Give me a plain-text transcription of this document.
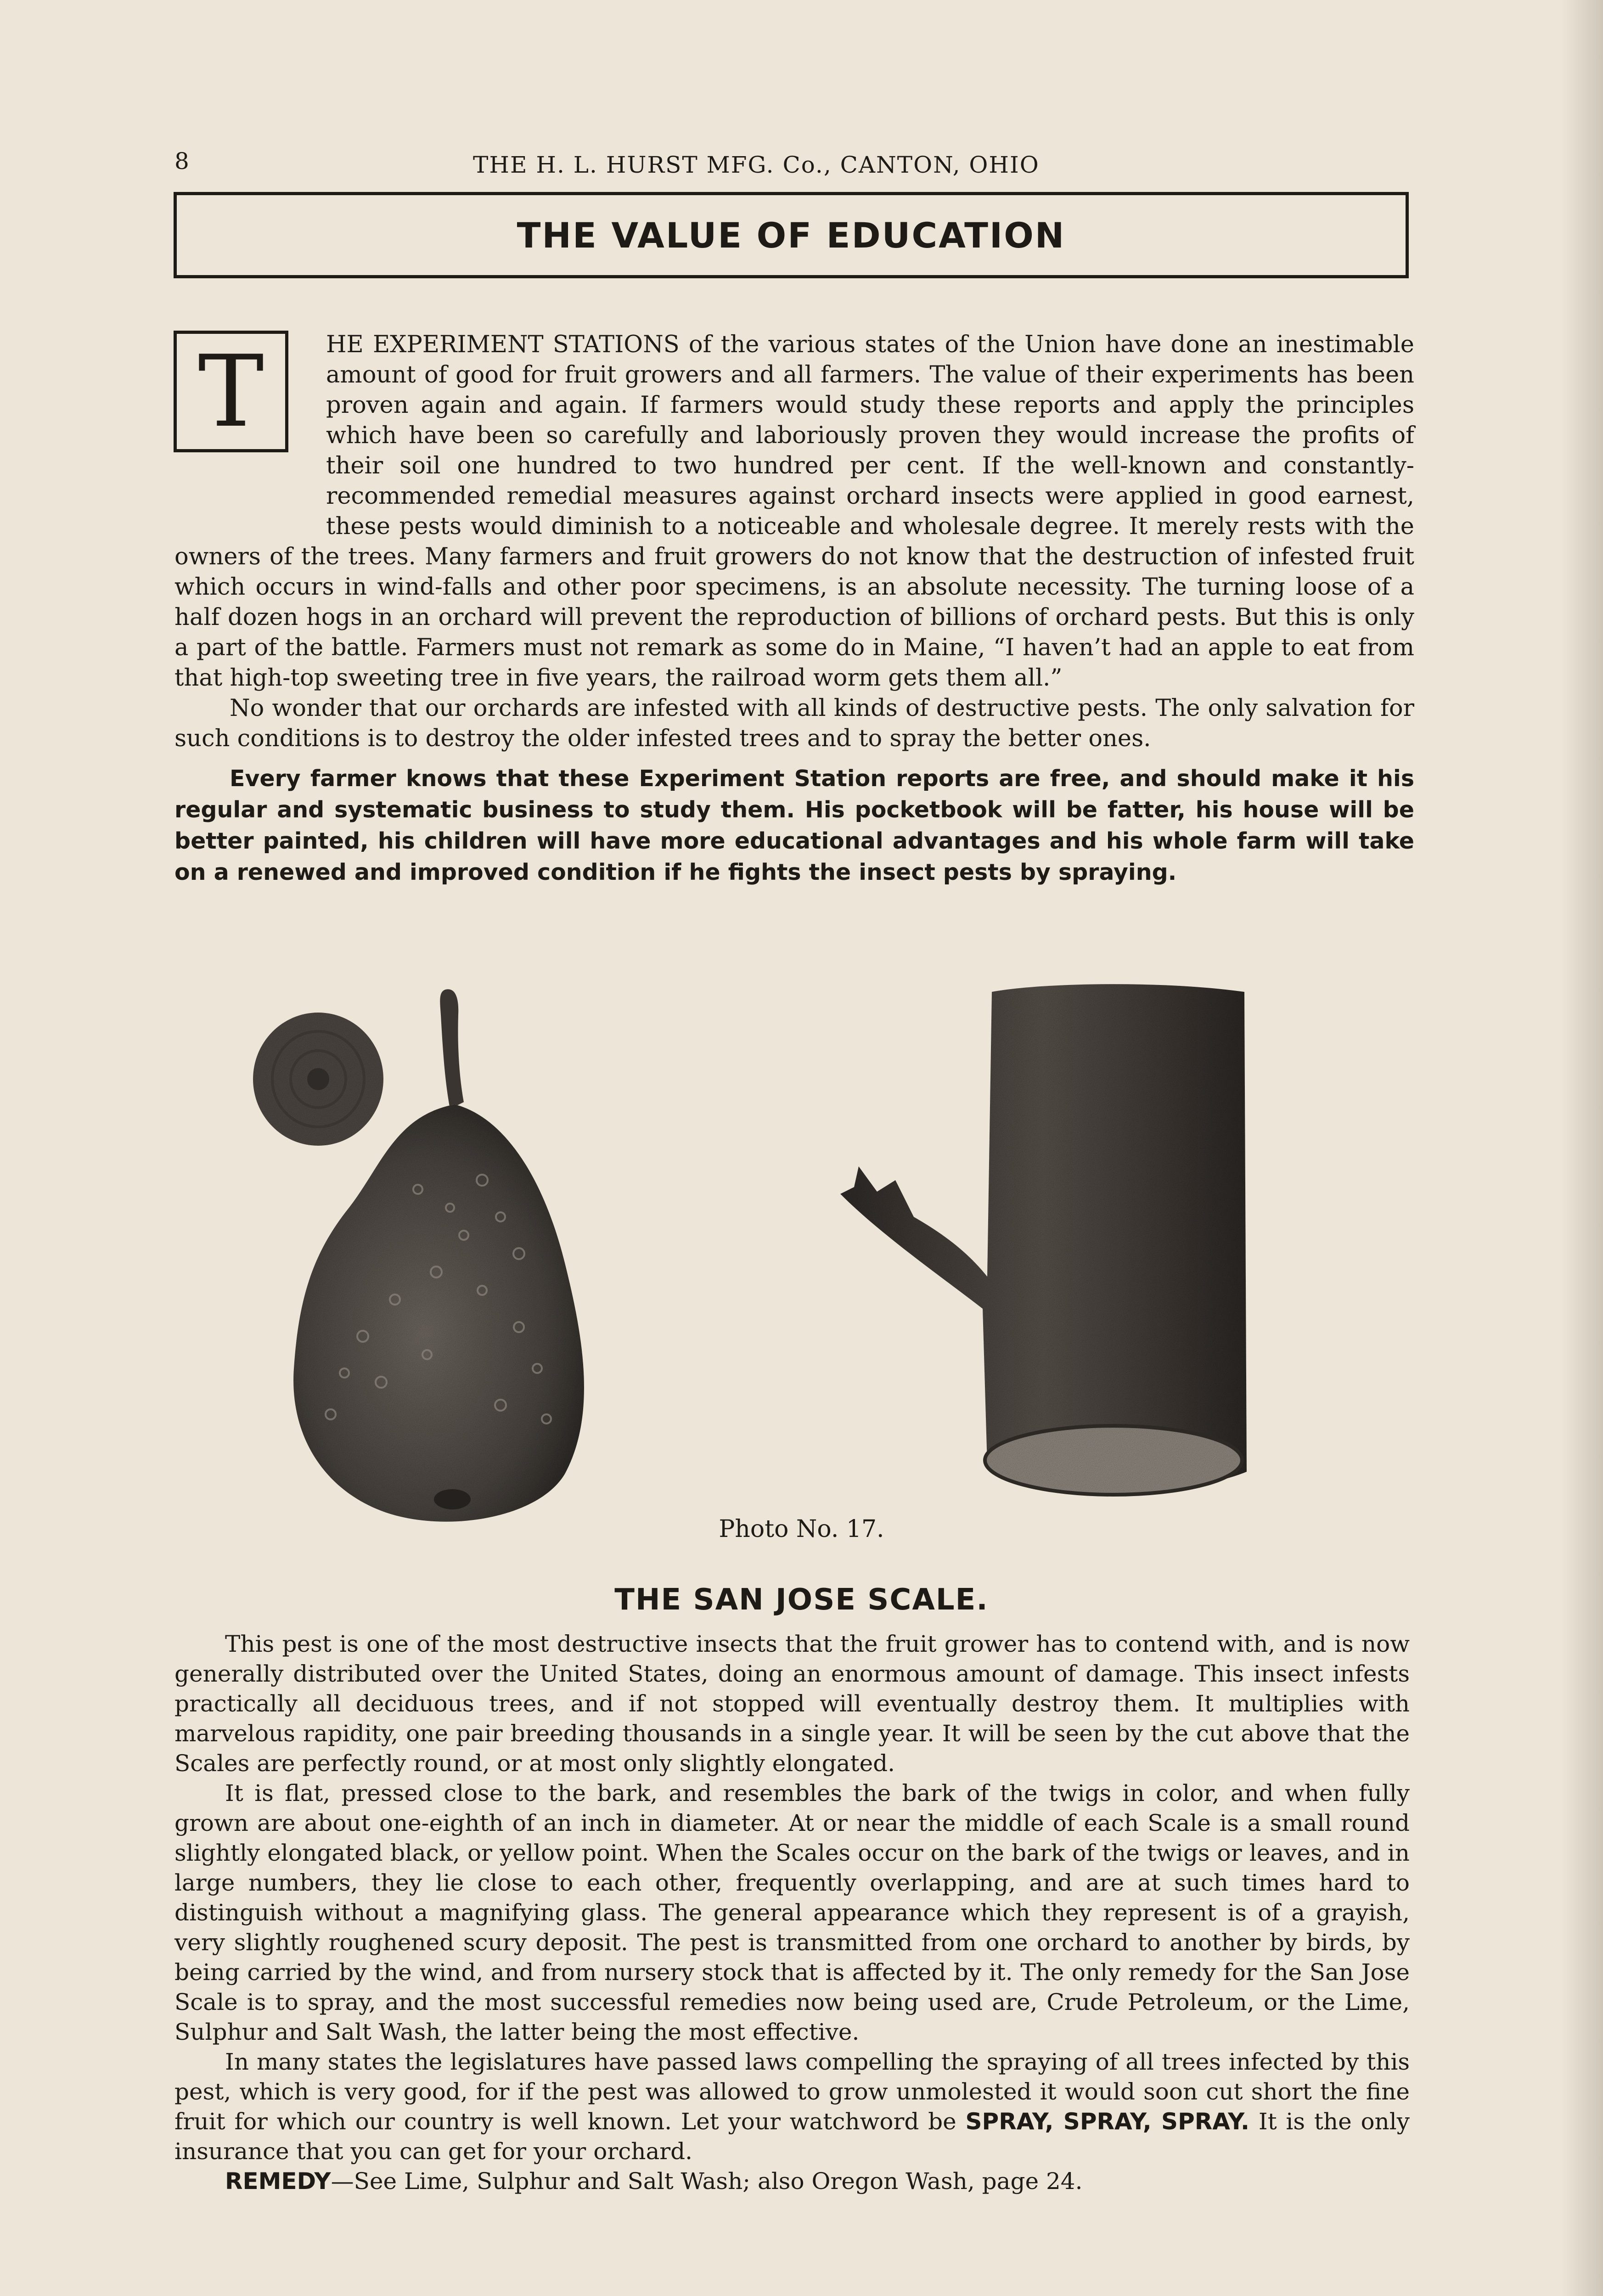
8	THE H. L. HURST MFG. Co., CANTON, OHIO
THE VALUE OF EDUCATION
T	HE EXPERIMENT STATIONS of the various states of the Union have done an inestimable amount of good for fruit growers and all farmers. The value of their experiments has been proven again and again. If farmers would study these reports and apply the principles which have been so carefully and laboriously proven they would increase the profits of their soil one hundred to two hundred per cent. If the well-known and constantly-recommended remedial measures against orchard insects were applied in good earnest, these pests would diminish to a noticeable and wholesale degree. It merely rests with the owners of the trees. Many farmers and fruit growers do not know that the destruction of infested fruit which occurs in wind-falls and other poor specimens, is an absolute necessity. The turning loose of a half dozen hogs in an orchard will prevent the reproduction of billions of orchard pests. But this is only a part of the battle. Farmers must not remark as some do in Maine, “I haven’t had an apple to eat from that high-top sweeting tree in five years, the railroad worm gets them all.”

No wonder that our orchards are infested with all kinds of destructive pests. The only salvation for such conditions is to destroy the older infested trees and to spray the better ones.

Every farmer knows that these Experiment Station reports are free, and should make it his regular and systematic business to study them. His pocketbook will be fatter, his house will be better painted, his children will have more educational advantages and his whole farm will take on a renewed and improved condition if he fights the insect pests by spraying.

Photo No. 17.
THE SAN JOSE SCALE.

This pest is one of the most destructive insects that the fruit grower has to contend with, and is now generally distributed over the United States, doing an enormous amount of damage. This insect infests practically all deciduous trees, and if not stopped will eventually destroy them. It multiplies with marvelous rapidity, one pair breeding thousands in a single year. It will be seen by the cut above that the Scales are perfectly round, or at most only slightly elongated.

It is flat, pressed close to the bark, and resembles the bark of the twigs in color, and when fully grown are about one-eighth of an inch in diameter. At or near the middle of each Scale is a small round slightly elongated black, or yellow point. When the Scales occur on the bark of the twigs or leaves, and in large numbers, they lie close to each other, frequently overlapping, and are at such times hard to distinguish without a magnifying glass. The general appearance which they represent is of a grayish, very slightly roughened scury deposit. The pest is transmitted from one orchard to another by birds, by being carried by the wind, and from nursery stock that is affected by it. The only remedy for the San Jose Scale is to spray, and the most successful remedies now being used are, Crude Petroleum, or the Lime, Sulphur and Salt Wash, the latter being the most effective.

In many states the legislatures have passed laws compelling the spraying of all trees infected by this pest, which is very good, for if the pest was allowed to grow unmolested it would soon cut short the fine fruit for which our country is well known. Let your watchword be SPRAY, SPRAY, SPRAY. It is the only insurance that you can get for your orchard.

REMEDY—See Lime, Sulphur and Salt Wash; also Oregon Wash, page 24.
